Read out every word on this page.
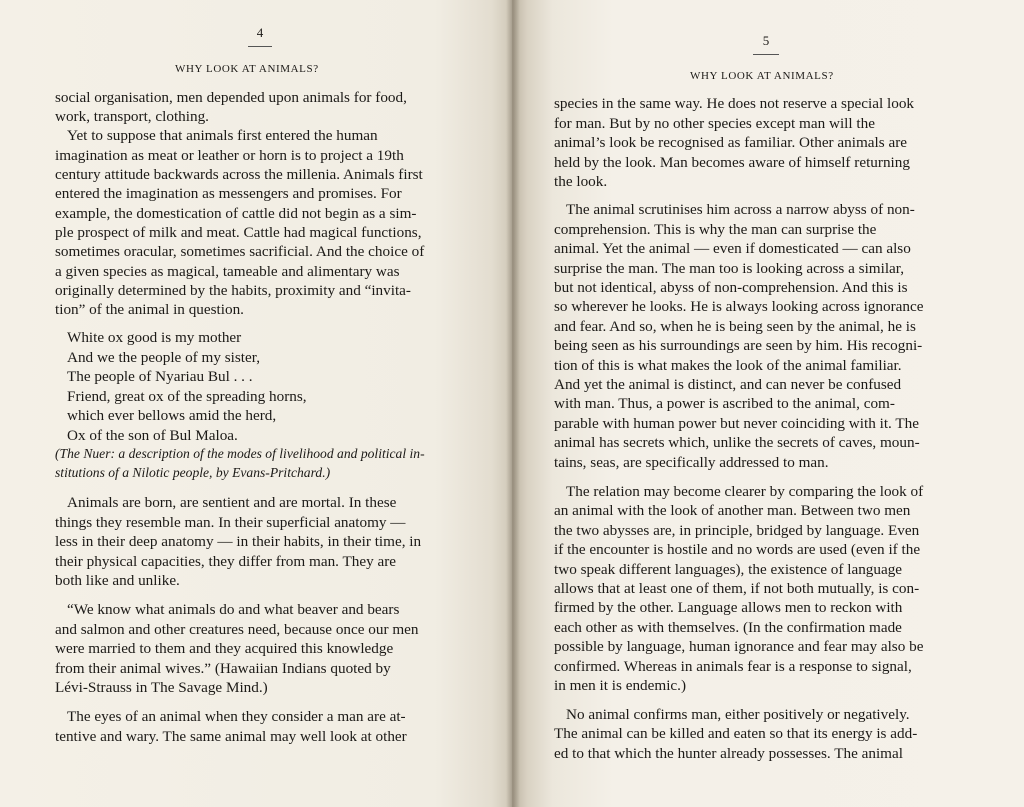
4
WHY LOOK AT ANIMALS?
social organisation, men depended upon animals for food,
work, transport, clothing.
Yet to suppose that animals first entered the human
imagination as meat or leather or horn is to project a 19th
century attitude backwards across the millenia. Animals first
entered the imagination as messengers and promises. For
example, the domestication of cattle did not begin as a sim-
ple prospect of milk and meat. Cattle had magical functions,
sometimes oracular, sometimes sacrificial. And the choice of
a given species as magical, tameable and alimentary was
originally determined by the habits, proximity and “invita-
tion” of the animal in question.
White ox good is my mother
And we the people of my sister,
The people of Nyariau Bul . . .
Friend, great ox of the spreading horns,
which ever bellows amid the herd,
Ox of the son of Bul Maloa.
(The Nuer: a description of the modes of livelihood and political in-
stitutions of a Nilotic people, by Evans-Pritchard.)
Animals are born, are sentient and are mortal. In these
things they resemble man. In their superficial anatomy —
less in their deep anatomy — in their habits, in their time, in
their physical capacities, they differ from man. They are
both like and unlike.
“We know what animals do and what beaver and bears
and salmon and other creatures need, because once our men
were married to them and they acquired this knowledge
from their animal wives.” (Hawaiian Indians quoted by
Lévi-Strauss in The Savage Mind.)
The eyes of an animal when they consider a man are at-
tentive and wary. The same animal may well look at other
5
WHY LOOK AT ANIMALS?
species in the same way. He does not reserve a special look
for man. But by no other species except man will the
animal’s look be recognised as familiar. Other animals are
held by the look. Man becomes aware of himself returning
the look.
The animal scrutinises him across a narrow abyss of non-
comprehension. This is why the man can surprise the
animal. Yet the animal — even if domesticated — can also
surprise the man. The man too is looking across a similar,
but not identical, abyss of non-comprehension. And this is
so wherever he looks. He is always looking across ignorance
and fear. And so, when he is being seen by the animal, he is
being seen as his surroundings are seen by him. His recogni-
tion of this is what makes the look of the animal familiar.
And yet the animal is distinct, and can never be confused
with man. Thus, a power is ascribed to the animal, com-
parable with human power but never coinciding with it. The
animal has secrets which, unlike the secrets of caves, moun-
tains, seas, are specifically addressed to man.
The relation may become clearer by comparing the look of
an animal with the look of another man. Between two men
the two abysses are, in principle, bridged by language. Even
if the encounter is hostile and no words are used (even if the
two speak different languages), the existence of language
allows that at least one of them, if not both mutually, is con-
firmed by the other. Language allows men to reckon with
each other as with themselves. (In the confirmation made
possible by language, human ignorance and fear may also be
confirmed. Whereas in animals fear is a response to signal,
in men it is endemic.)
No animal confirms man, either positively or negatively.
The animal can be killed and eaten so that its energy is add-
ed to that which the hunter already possesses. The animal
